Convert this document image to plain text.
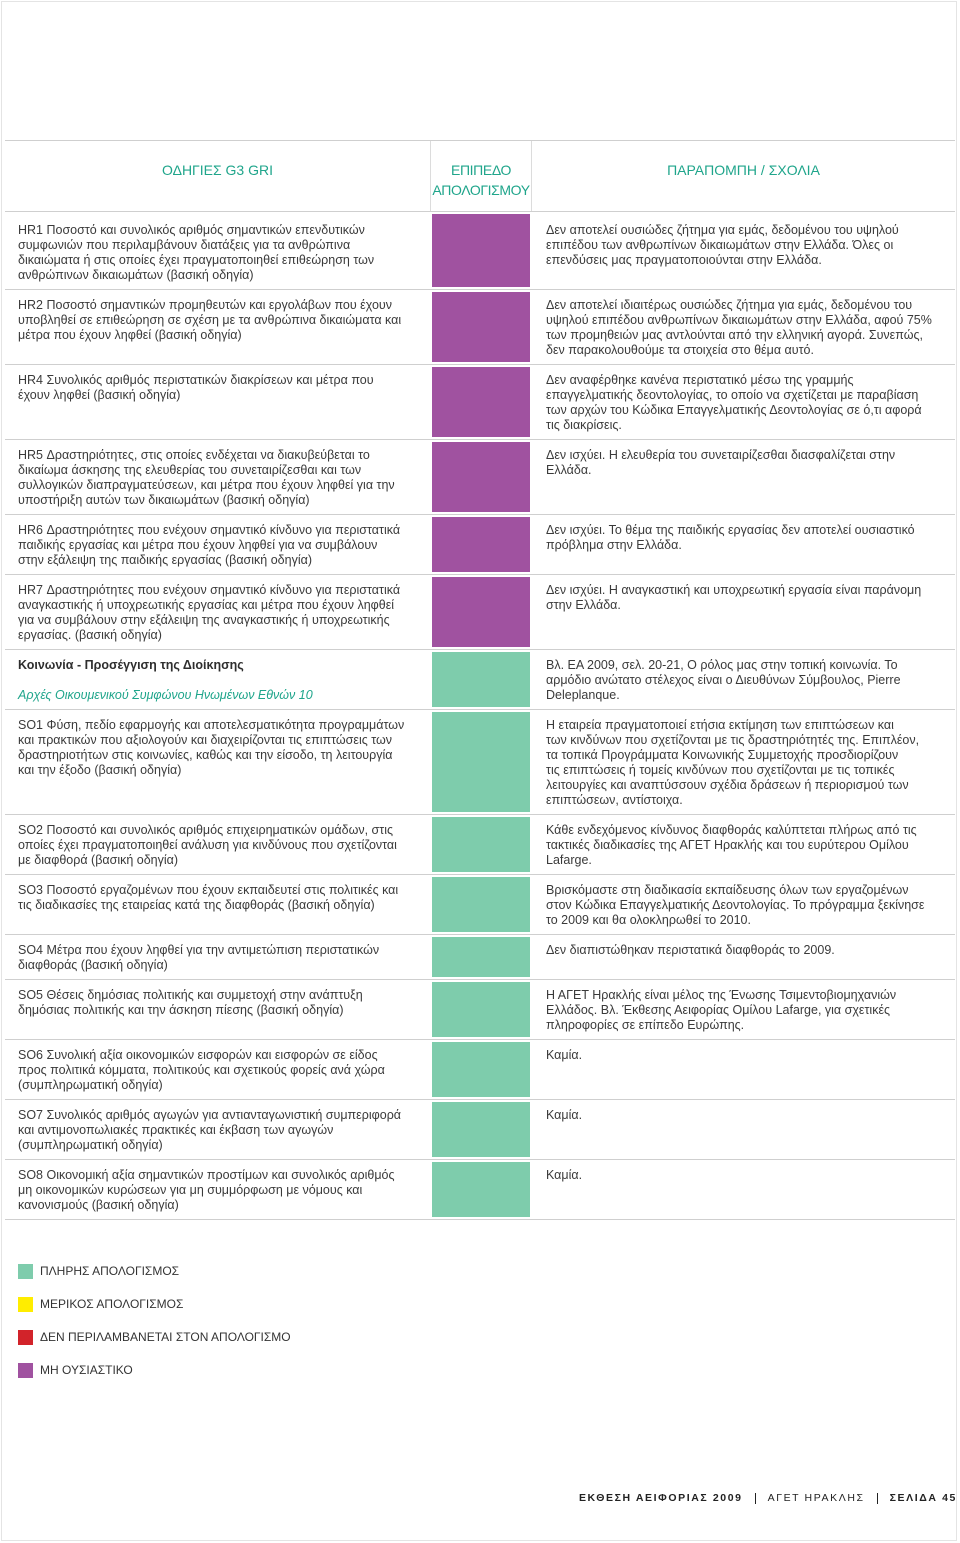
ΟΔΗΓΙΕΣ G3 GRI	ΕΠΙΠΕΔΟ
ΑΠΟΛΟΓΙΣΜΟΥ
ΠΑΡΑΠΟΜΠΗ / ΣΧΟΛΙΑ
HR1 Ποσοστό και συνολικός αριθμός σημαντικών επενδυτικών
συμφωνιών που περιλαμβάνουν διατάξεις για τα ανθρώπινα
δικαιώματα ή στις οποίες έχει πραγματοποιηθεί επιθεώρηση των
ανθρώπινων δικαιωμάτων (βασική οδηγία)
Δεν αποτελεί ουσιώδες ζήτημα για εμάς, δεδομένου του υψηλού
επιπέδου των ανθρωπίνων δικαιωμάτων στην Ελλάδα. Όλες οι
επενδύσεις μας πραγματοποιούνται στην Ελλάδα.
HR2 Ποσοστό σημαντικών προμηθευτών και εργολάβων που έχουν
υποβληθεί σε επιθεώρηση σε σχέση με τα ανθρώπινα δικαιώματα και
μέτρα που έχουν ληφθεί (βασική οδηγία)
Δεν αποτελεί ιδιαιτέρως ουσιώδες ζήτημα για εμάς, δεδομένου του
υψηλού επιπέδου ανθρωπίνων δικαιωμάτων στην Ελλάδα, αφού 75%
των προμηθειών μας αντλούνται από την ελληνική αγορά. Συνεπώς,
δεν παρακολουθούμε τα στοιχεία στο θέμα αυτό.
HR4 Συνολικός αριθμός περιστατικών διακρίσεων και μέτρα που
έχουν ληφθεί (βασική οδηγία)
Δεν αναφέρθηκε κανένα περιστατικό μέσω της γραμμής
επαγγελματικής δεοντολογίας, το οποίο να σχετίζεται με παραβίαση
των αρχών του Κώδικα Επαγγελματικής Δεοντολογίας σε ό,τι αφορά
τις διακρίσεις.
HR5 Δραστηριότητες, στις οποίες ενδέχεται να διακυβεύβεται το
δικαίωμα άσκησης της ελευθερίας του συνεταιρίζεσθαι και των
συλλογικών διαπραγματεύσεων, και μέτρα που έχουν ληφθεί για την
υποστήριξη αυτών των δικαιωμάτων (βασική οδηγία)
Δεν ισχύει. Η ελευθερία του συνεταιρίζεσθαι διασφαλίζεται στην
Ελλάδα.
HR6 Δραστηριότητες που ενέχουν σημαντικό κίνδυνο για περιστατικά
παιδικής εργασίας και μέτρα που έχουν ληφθεί για να συμβάλουν
στην εξάλειψη της παιδικής εργασίας (βασική οδηγία)
Δεν ισχύει. Το θέμα της παιδικής εργασίας δεν αποτελεί ουσιαστικό
πρόβλημα στην Ελλάδα.
HR7 Δραστηριότητες που ενέχουν σημαντικό κίνδυνο για περιστατικά
αναγκαστικής ή υποχρεωτικής εργασίας και μέτρα που έχουν ληφθεί
για να συμβάλουν στην εξάλειψη της αναγκαστικής ή υποχρεωτικής
εργασίας. (βασική οδηγία)
Δεν ισχύει. Η αναγκαστική και υποχρεωτική εργασία είναι παράνομη
στην Ελλάδα.
Κοινωνία - Προσέγγιση της Διοίκησης
Αρχές Οικουμενικού Συμφώνου Ηνωμένων Εθνών 10
Βλ. ΕΑ 2009, σελ. 20-21, Ο ρόλος μας στην τοπική κοινωνία. Το
αρμόδιο ανώτατο στέλεχος είναι ο Διευθύνων Σύμβουλος, Pierre
Deleplanque.
SO1 Φύση, πεδίο εφαρμογής και αποτελεσματικότητα προγραμμάτων
και πρακτικών που αξιολογούν και διαχειρίζονται τις επιπτώσεις των
δραστηριοτήτων στις κοινωνίες, καθώς και την είσοδο, τη λειτουργία
και την έξοδο (βασική οδηγία)
Η εταιρεία πραγματοποιεί ετήσια εκτίμηση των επιπτώσεων και
των κινδύνων που σχετίζονται με τις δραστηριότητές της. Επιπλέον,
τα τοπικά Προγράμματα Κοινωνικής Συμμετοχής προσδιορίζουν
τις επιπτώσεις ή τομείς κινδύνων που σχετίζονται με τις τοπικές
λειτουργίες και αναπτύσσουν σχέδια δράσεων ή περιορισμού των
επιπτώσεων, αντίστοιχα.
SO2 Ποσοστό και συνολικός αριθμός επιχειρηματικών ομάδων, στις
οποίες έχει πραγματοποιηθεί ανάλυση για κινδύνους που σχετίζονται
με διαφθορά (βασική οδηγία)
Κάθε ενδεχόμενος κίνδυνος διαφθοράς καλύπτεται πλήρως από τις
τακτικές διαδικασίες της ΑΓΕΤ Ηρακλής και του ευρύτερου Ομίλου
Lafarge.
SO3 Ποσοστό εργαζομένων που έχουν εκπαιδευτεί στις πολιτικές και
τις διαδικασίες της εταιρείας κατά της διαφθοράς (βασική οδηγία)
Βρισκόμαστε στη διαδικασία εκπαίδευσης όλων των εργαζομένων
στον Κώδικα Επαγγελματικής Δεοντολογίας. Το πρόγραμμα ξεκίνησε
το 2009 και θα ολοκληρωθεί το 2010.
SO4 Μέτρα που έχουν ληφθεί για την αντιμετώπιση περιστατικών
διαφθοράς (βασική οδηγία)
Δεν διαπιστώθηκαν περιστατικά διαφθοράς το 2009.
SO5 Θέσεις δημόσιας πολιτικής και συμμετοχή στην ανάπτυξη
δημόσιας πολιτικής και την άσκηση πίεσης (βασική οδηγία)
Η ΑΓΕΤ Ηρακλής είναι μέλος της Ένωσης Τσιμεντοβιομηχανιών
Ελλάδος. Βλ. Έκθεσης Αειφορίας Ομίλου Lafarge, για σχετικές
πληροφορίες σε επίπεδο Ευρώπης.
SO6 Συνολική αξία οικονομικών εισφορών και εισφορών σε είδος
προς πολιτικά κόμματα, πολιτικούς και σχετικούς φορείς ανά χώρα
(συμπληρωματική οδηγία)
Καμία.
SO7 Συνολικός αριθμός αγωγών για αντιανταγωνιστική συμπεριφορά
και αντιμονοπωλιακές πρακτικές και έκβαση των αγωγών
(συμπληρωματική οδηγία)
Καμία.
SO8 Οικονομική αξία σημαντικών προστίμων και συνολικός αριθμός
μη οικονομικών κυρώσεων για μη συμμόρφωση με νόμους και
κανονισμούς (βασική οδηγία)
Καμία.
ΠΛΗΡΗΣ ΑΠΟΛΟΓΙΣΜΟΣ
ΜΕΡΙΚΟΣ ΑΠΟΛΟΓΙΣΜΟΣ
ΔΕΝ ΠΕΡΙΛΑΜΒΑΝΕΤΑΙ ΣΤΟΝ ΑΠΟΛΟΓΙΣΜΟ
ΜΗ ΟΥΣΙΑΣΤΙΚΟ
ΕΚΘΕΣΗ ΑΕΙΦΟΡΙΑΣ 2009 ΑΓΕΤ ΗΡΑΚΛΗΣ ΣΕΛΙΔΑ 45
